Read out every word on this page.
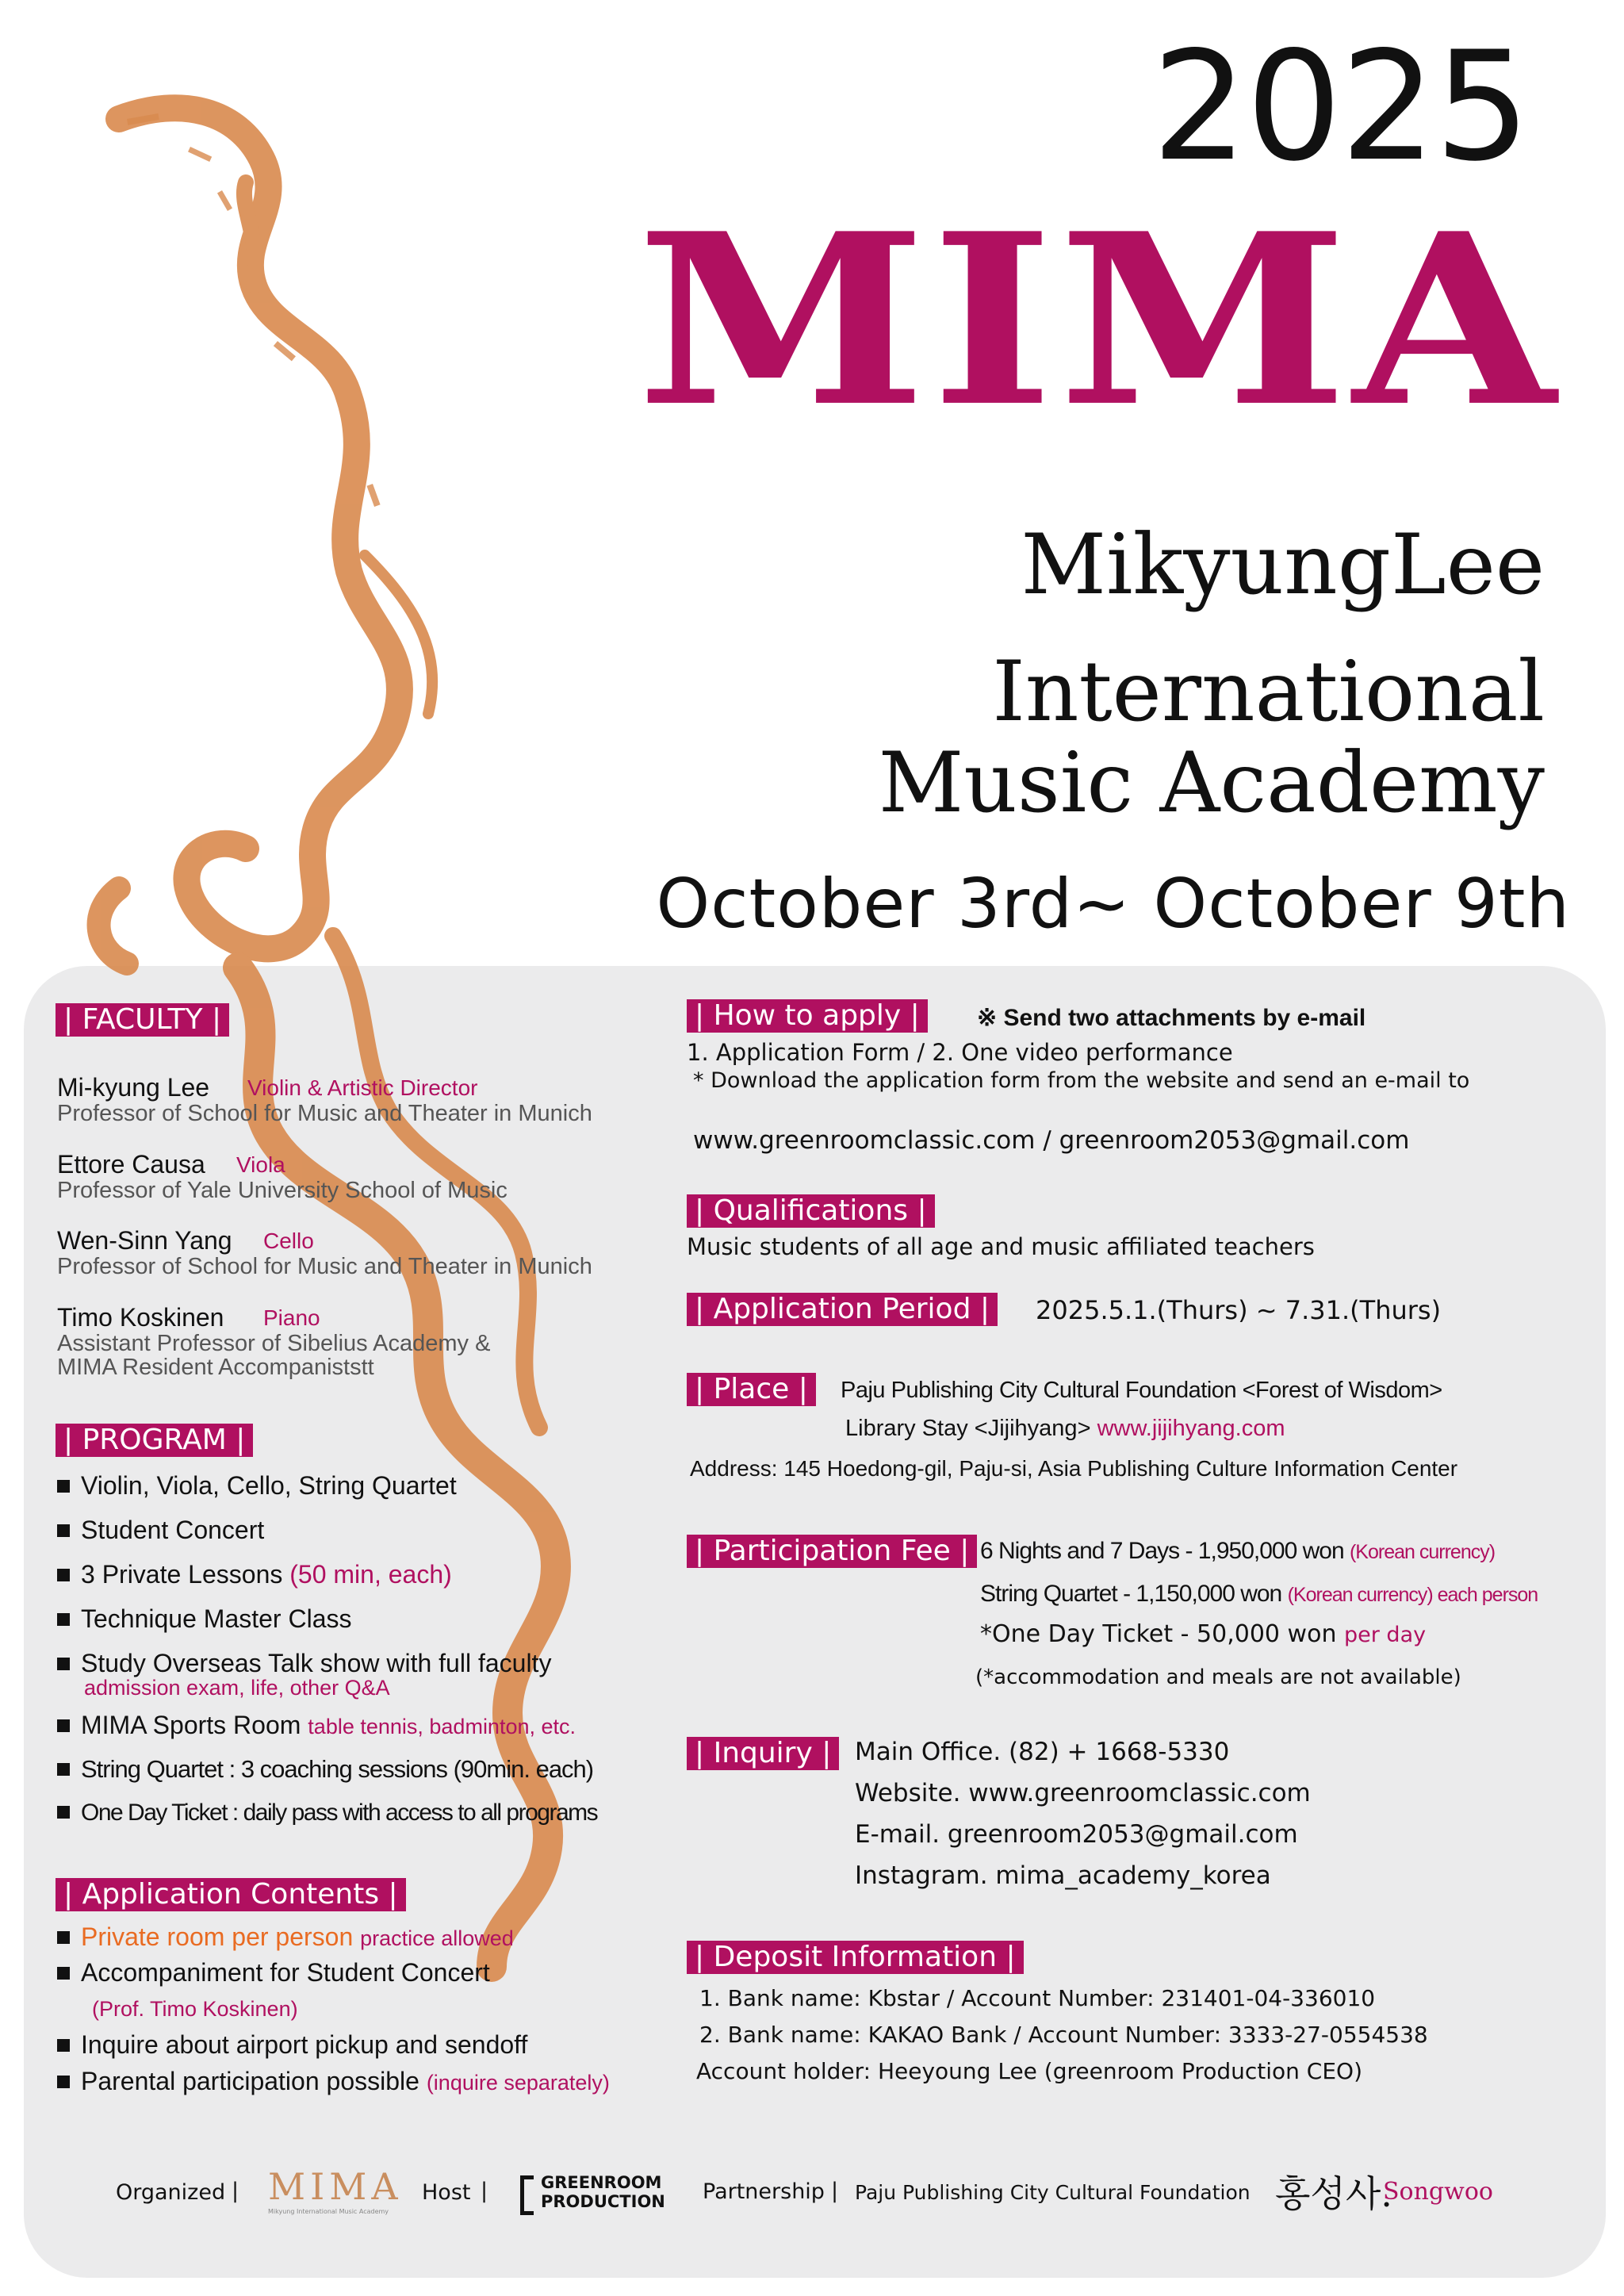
2025
MIMA
MikyungLee
International
Music Academy
October 3rd~ October 9th
| FACULTY |
Mi-kyung Lee Violin & Artistic Director
Professor of School for Music and Theater in Munich
Ettore Causa Viola
Professor of Yale University School of Music
Wen-Sinn Yang Cello
Professor of School for Music and Theater in Munich
Timo Koskinen Piano
Assistant Professor of Sibelius Academy &
MIMA Resident Accompaniststt
| PROGRAM |
Violin, Viola, Cello, String Quartet
Student Concert
3 Private Lessons (50 min, each)
Technique Master Class
Study Overseas Talk show with full faculty
admission exam, life, other Q&A
MIMA Sports Room table tennis, badminton, etc.
String Quartet : 3 coaching sessions (90min. each)
One Day Ticket : daily pass with access to all programs
| Application Contents |
Private room per person practice allowed
Accompaniment for Student Concert
(Prof. Timo Koskinen)
Inquire about airport pickup and sendoff
Parental participation possible (inquire separately)
| How to apply |	※ Send two attachments by e-mail
1. Application Form / 2. One video performance
* Download the application form from the website and send an e-mail to
www.greenroomclassic.com / greenroom2053@gmail.com
| Qualifications |
Music students of all age and music affiliated teachers
| Application Period |	2025.5.1.(Thurs) ~ 7.31.(Thurs)
| Place |	Paju Publishing City Cultural Foundation <Forest of Wisdom>
Library Stay <Jijihyang> www.jijihyang.com
Address: 145 Hoedong-gil, Paju-si, Asia Publishing Culture Information Center
| Participation Fee | 6 Nights and 7 Days - 1,950,000 won (Korean currency)
String Quartet - 1,150,000 won (Korean currency) each person
*One Day Ticket - 50,000 won per day
(*accommodation and meals are not available)
| Inquiry | Main Office. (82) + 1668-5330
Website. www.greenroomclassic.com
E-mail. greenroom2053@gmail.com
Instagram. mima_academy_korea
| Deposit Information |
1. Bank name: Kbstar / Account Number: 231401-04-336010
2. Bank name: KAKAO Bank / Account Number: 3333-27-0554538
Account holder: Heeyoung Lee (greenroom Production CEO)
Organized | MIMA
Mikyung International Music Academy
Host |	GREENROOM
PRODUCTION Partnership | Paju Publishing City Cultural Foundation 홍성사.
Songwoo
